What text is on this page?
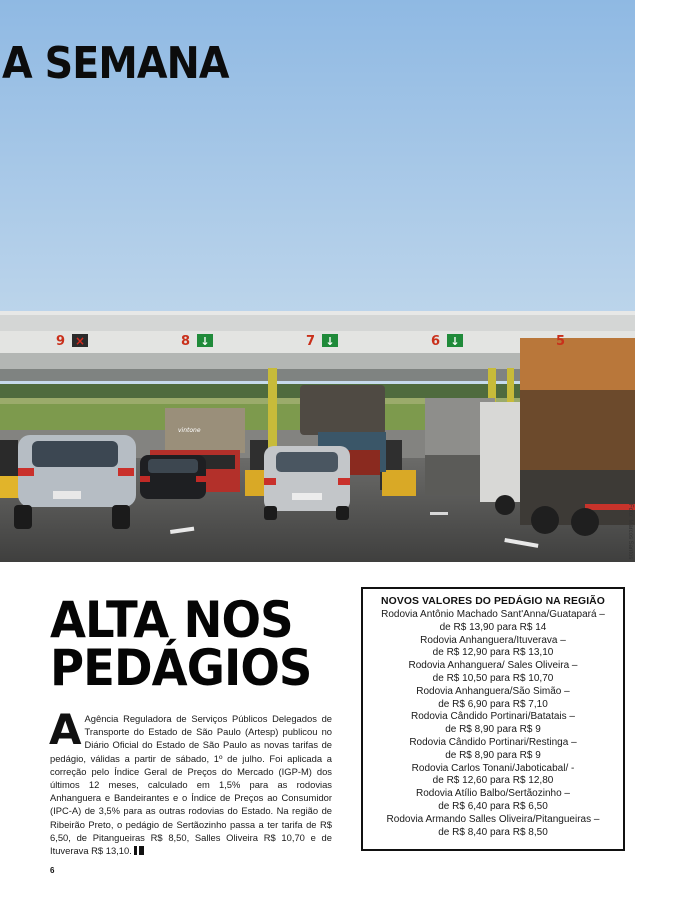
×	↓	↓	↓
vintone
A SEMANA
9	8	7	6	5
Foto: Marcos Santos
ALTA NOS
PEDÁGIOS
A Agência Reguladora de Serviços Públicos Delegados de Transporte do Estado de São Paulo (Artesp) publicou no Diário Oficial do Estado de São Paulo as novas tarifas de pedágio, válidas a partir de sábado, 1º de julho. Foi aplicada a correção pelo Índice Geral de Preços do Mercado (IGP-M) dos últimos 12 meses, calculado em 1,5% para as rodovias Anhanguera e Bandeirantes e o Índice de Preços ao Consumidor (IPC-A) de 3,5% para as outras rodovias do Estado. Na região de Ribeirão Preto, o pedágio de Sertãozinho passa a ter tarifa de R$ 6,50, de Pitangueiras R$ 8,50, Salles Oliveira R$ 10,70 e de Ituverava R$ 13,10.
NOVOS VALORES DO PEDÁGIO NA REGIÃO
Rodovia Antônio Machado Sant'Anna/Guatapará –
de R$ 13,90 para R$ 14
Rodovia Anhanguera/Ituverava –
de R$ 12,90 para R$ 13,10
Rodovia Anhanguera/ Sales Oliveira –
de R$ 10,50 para R$ 10,70
Rodovia Anhanguera/São Simão –
de R$ 6,90 para R$ 7,10
Rodovia Cândido Portinari/Batatais –
de R$ 8,90 para R$ 9
Rodovia Cândido Portinari/Restinga –
de R$ 8,90 para R$ 9
Rodovia Carlos Tonani/Jaboticabal/ -
de R$ 12,60 para R$ 12,80
Rodovia Atílio Balbo/Sertãozinho –
de R$ 6,40 para R$ 6,50
Rodovia Armando Salles Oliveira/Pitangueiras –
de R$ 8,40 para R$ 8,50
6
